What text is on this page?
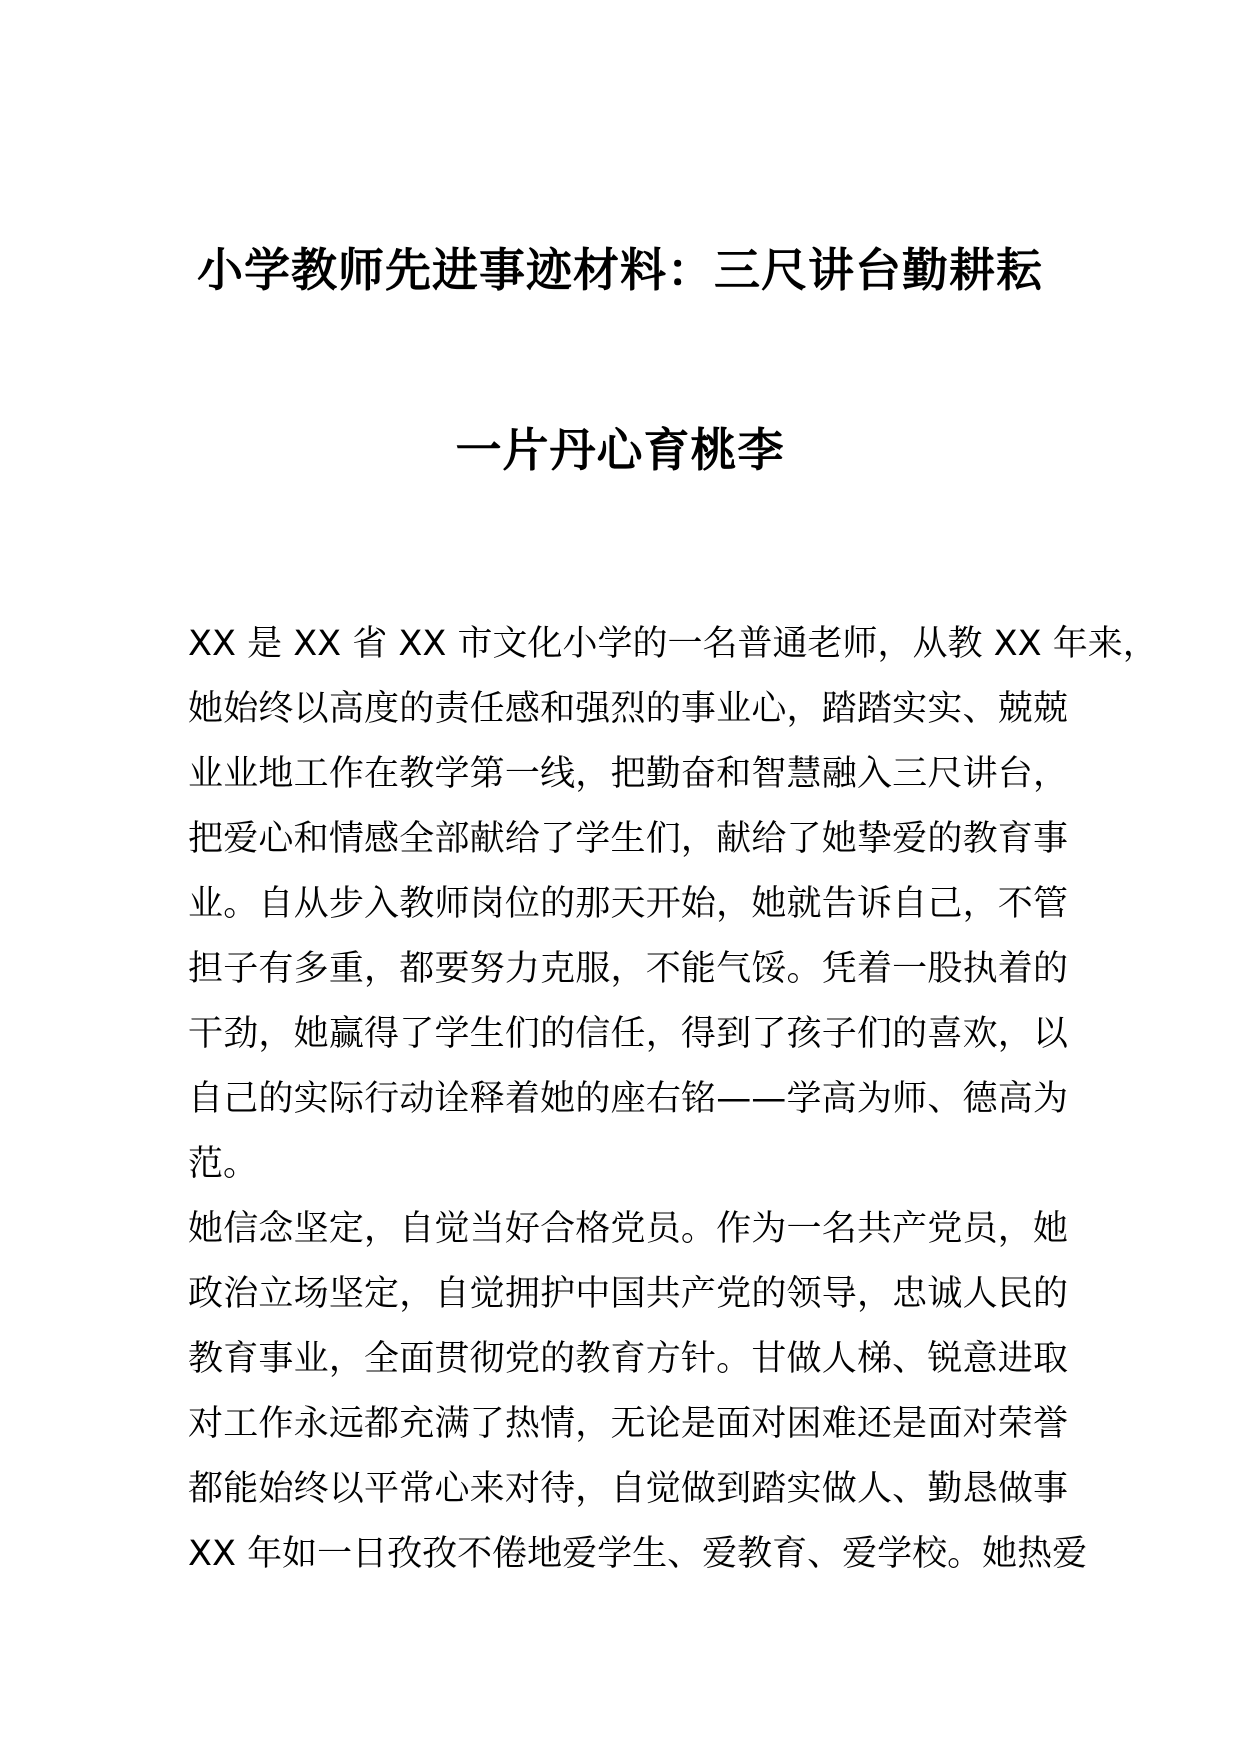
小学教师先进事迹材料：三尺讲台勤耕耘
一片丹心育桃李
XX 是 XX 省 XX 市文化小学的一名普通老师，从教 XX 年来，
她始终以高度的责任感和强烈的事业心，踏踏实实、兢兢
业业地工作在教学第一线，把勤奋和智慧融入三尺讲台，
把爱心和情感全部献给了学生们，献给了她挚爱的教育事
业。自从步入教师岗位的那天开始，她就告诉自己，不管
担子有多重，都要努力克服，不能气馁。凭着一股执着的
干劲，她赢得了学生们的信任，得到了孩子们的喜欢，以
自己的实际行动诠释着她的座右铭——学高为师、德高为
范。
她信念坚定，自觉当好合格党员。作为一名共产党员，她
政治立场坚定，自觉拥护中国共产党的领导，忠诚人民的
教育事业，全面贯彻党的教育方针。甘做人梯、锐意进取
对工作永远都充满了热情，无论是面对困难还是面对荣誉
都能始终以平常心来对待，自觉做到踏实做人、勤恳做事
XX 年如一日孜孜不倦地爱学生、爱教育、爱学校。她热爱
